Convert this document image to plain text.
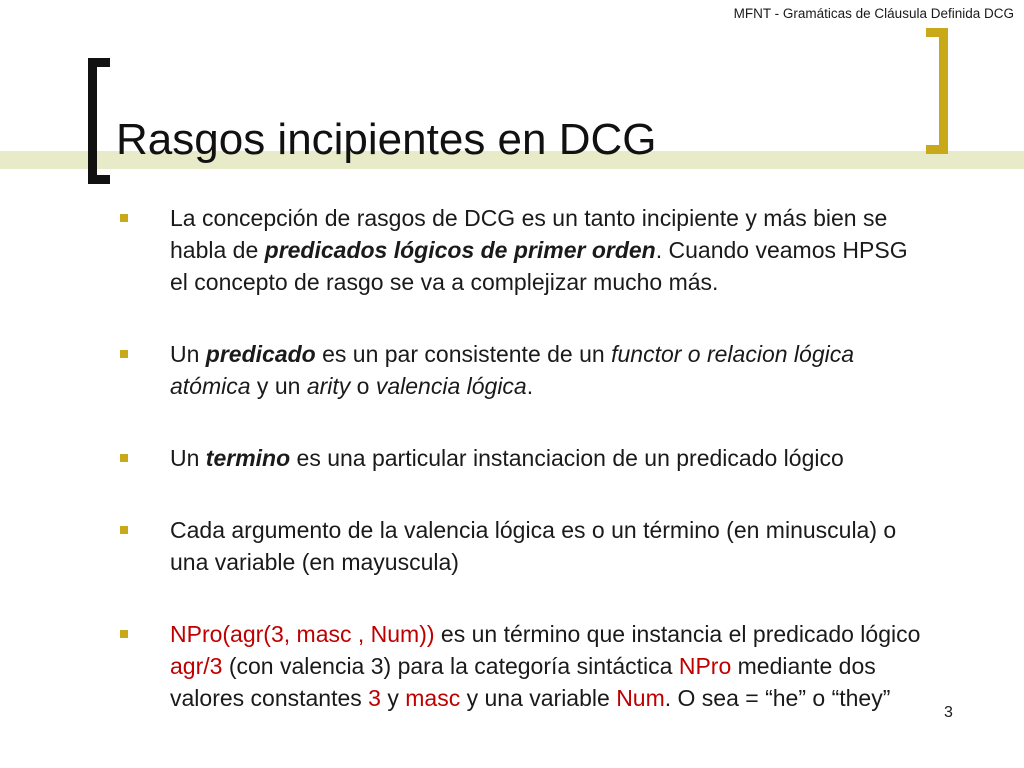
MFNT - Gramáticas de Cláusula Definida DCG
Rasgos incipientes en DCG
La concepción de rasgos de DCG es un tanto incipiente y más bien se habla de predicados lógicos de primer orden. Cuando veamos HPSG el concepto de rasgo se va a complejizar mucho más.
Un predicado es un par consistente de un functor o relacion lógica atómica y un arity o valencia lógica.
Un termino es una particular instanciacion de un predicado lógico
Cada argumento de la valencia lógica es o un término (en minuscula) o una variable (en mayuscula)
NPro(agr(3, masc , Num)) es un término que instancia el predicado lógico agr/3 (con valencia 3) para la categoría sintáctica NPro mediante dos valores constantes 3 y masc y una variable Num. O sea = “he” o “they”
3
